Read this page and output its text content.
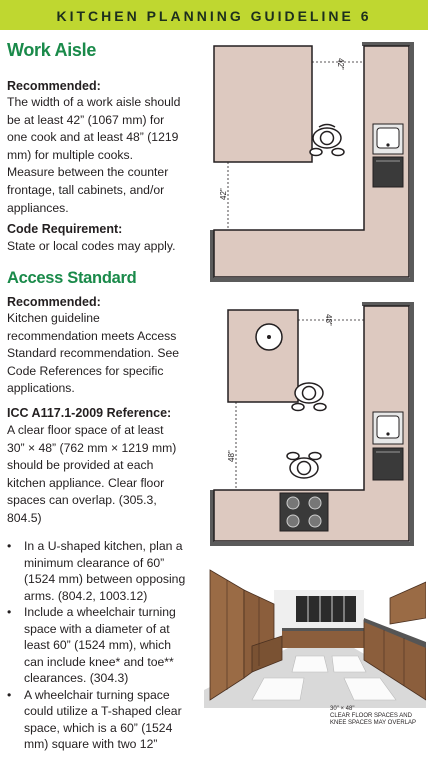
KITCHEN PLANNING GUIDELINE 6
Work Aisle
Recommended:
The width of a work aisle should
be at least 42” (1067 mm) for
one cook and at least 48” (1219
mm) for multiple cooks.
Measure between the counter
frontage, tall cabinets, and/or
appliances.
Code Requirement:
State or local codes may apply.
Access Standard
Recommended:
Kitchen guideline
recommendation meets Access
Standard recommendation. See
Code References for specific
applications.
ICC A117.1-2009 Reference:
A clear floor space of at least
30” × 48” (762 mm × 1219 mm)
should be provided at each
kitchen appliance. Clear floor
spaces can overlap. (305.3,
804.5)
• In a U-shaped kitchen, plan a
minimum clearance of 60”
(1524 mm) between opposing
arms. (804.2, 1003.12)
• Include a wheelchair turning
space with a diameter of at
least 60” (1524 mm), which
can include knee* and toe**
clearances. (304.3)
• A wheelchair turning space
could utilize a T-shaped clear
space, which is a 60” (1524
mm) square with two 12”
42"
42"
48"
48"
30" × 48"
CLEAR FLOOR SPACES AND
KNEE SPACES MAY OVERLAP
